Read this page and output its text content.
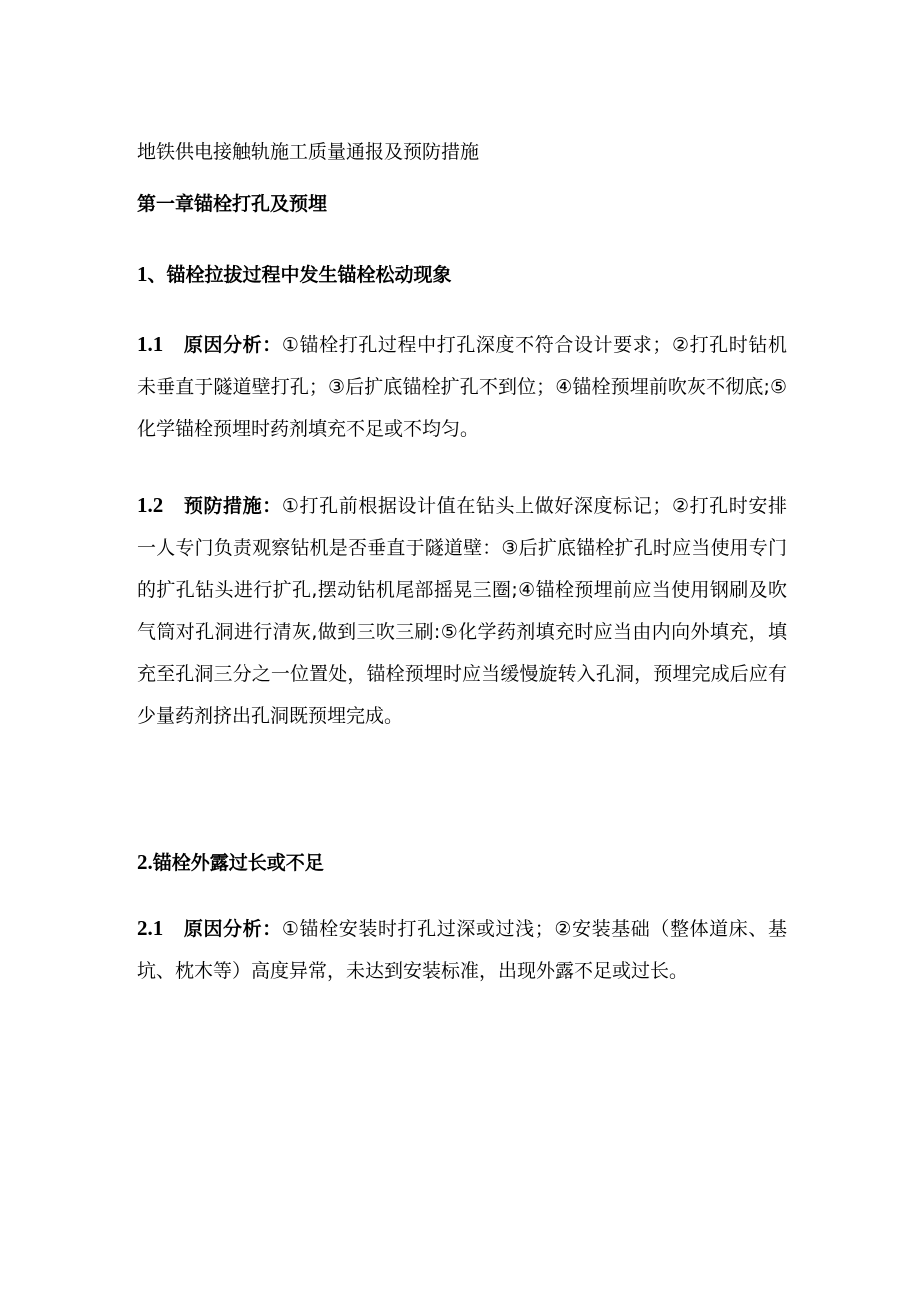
地铁供电接触轨施工质量通报及预防措施
第一章锚栓打孔及预埋
1、锚栓拉拔过程中发生锚栓松动现象
1.1 原因分析：①锚栓打孔过程中打孔深度不符合设计要求；②打孔时钻机未垂直于隧道壁打孔；③后扩底锚栓扩孔不到位；④锚栓预埋前吹灰不彻底;⑤化学锚栓预埋时药剂填充不足或不均匀。
1.2 预防措施：①打孔前根据设计值在钻头上做好深度标记；②打孔时安排一人专门负责观察钻机是否垂直于隧道壁：③后扩底锚栓扩孔时应当使用专门的扩孔钻头进行扩孔,摆动钻机尾部摇晃三圈;④锚栓预埋前应当使用钢刷及吹气筒对孔洞进行清灰,做到三吹三刷:⑤化学药剂填充时应当由内向外填充，填充至孔洞三分之一位置处，锚栓预埋时应当缓慢旋转入孔洞，预埋完成后应有少量药剂挤出孔洞既预埋完成。
2.锚栓外露过长或不足
2.1 原因分析：①锚栓安装时打孔过深或过浅；②安装基础（整体道床、基坑、枕木等）高度异常，未达到安装标准，出现外露不足或过长。
